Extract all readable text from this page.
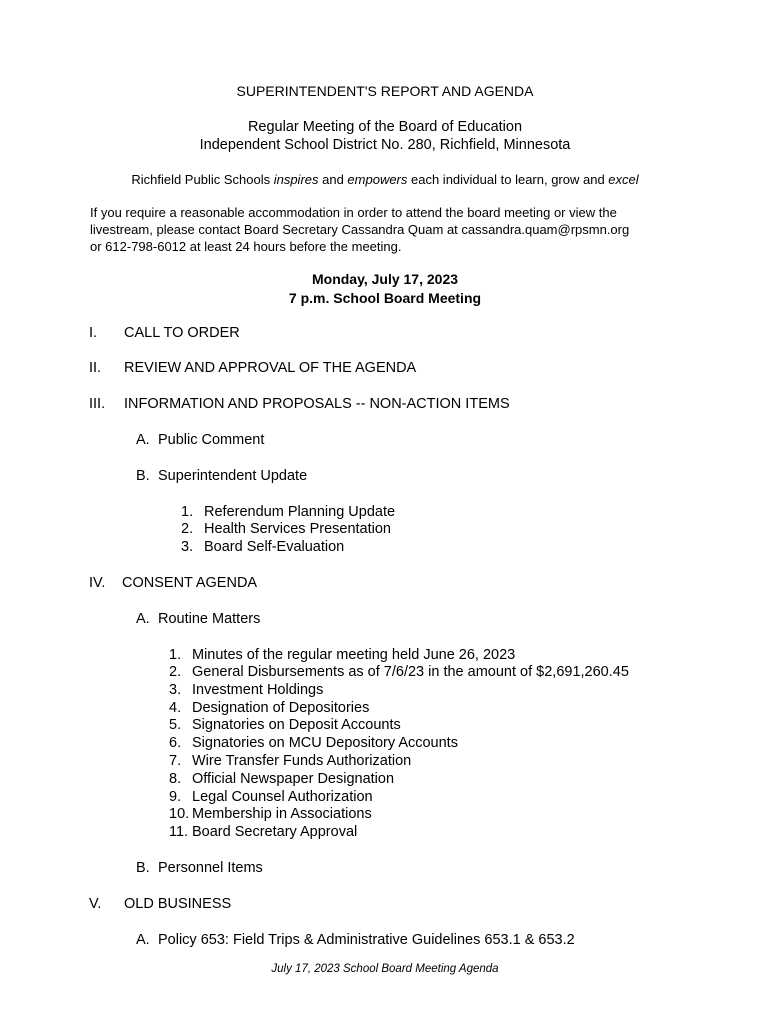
SUPERINTENDENT'S REPORT AND AGENDA
Regular Meeting of the Board of Education
Independent School District No. 280, Richfield, Minnesota
Richfield Public Schools inspires and empowers each individual to learn, grow and excel
If you require a reasonable accommodation in order to attend the board meeting or view the
livestream, please contact Board Secretary Cassandra Quam at cassandra.quam@rpsmn.org
or 612-798-6012 at least 24 hours before the meeting.
Monday, July 17, 2023
7 p.m. School Board Meeting
I. CALL TO ORDER
II. REVIEW AND APPROVAL OF THE AGENDA
III. INFORMATION AND PROPOSALS -- NON-ACTION ITEMS
A. Public Comment
B. Superintendent Update
1. Referendum Planning Update
2. Health Services Presentation
3. Board Self-Evaluation
IV. CONSENT AGENDA
A. Routine Matters
1. Minutes of the regular meeting held June 26, 2023
2. General Disbursements as of 7/6/23 in the amount of $2,691,260.45
3. Investment Holdings
4. Designation of Depositories
5. Signatories on Deposit Accounts
6. Signatories on MCU Depository Accounts
7. Wire Transfer Funds Authorization
8. Official Newspaper Designation
9. Legal Counsel Authorization
10. Membership in Associations
11. Board Secretary Approval
B. Personnel Items
V. OLD BUSINESS
A. Policy 653: Field Trips & Administrative Guidelines 653.1 & 653.2
July 17, 2023 School Board Meeting Agenda
